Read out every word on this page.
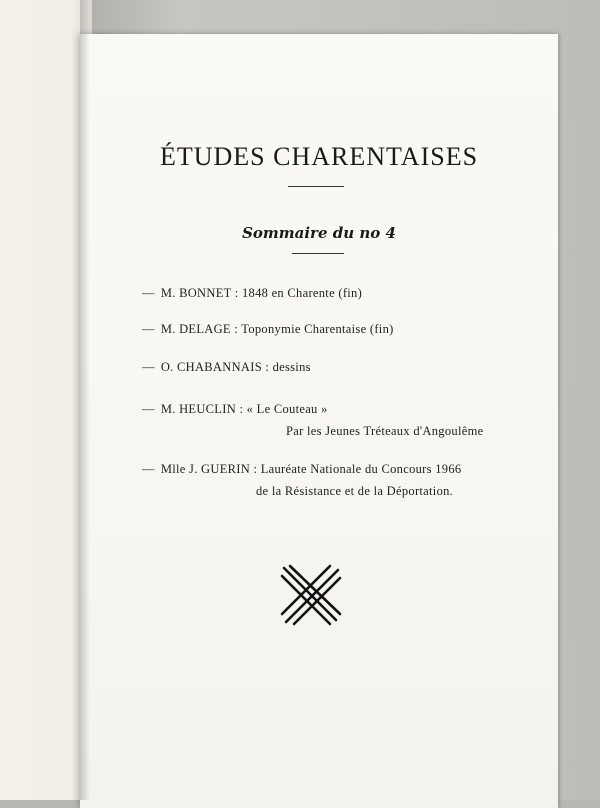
ÉTUDES CHARENTAISES
Sommaire du no 4
— M. BONNET : 1848 en Charente (fin)
— M. DELAGE : Toponymie Charentaise (fin)
— O. CHABANNAIS : dessins
— M. HEUCLIN : « Le Couteau »
Par les Jeunes Tréteaux d'Angoulême
— Mlle J. GUERIN : Lauréate Nationale du Concours 1966
de la Résistance et de la Déportation.
